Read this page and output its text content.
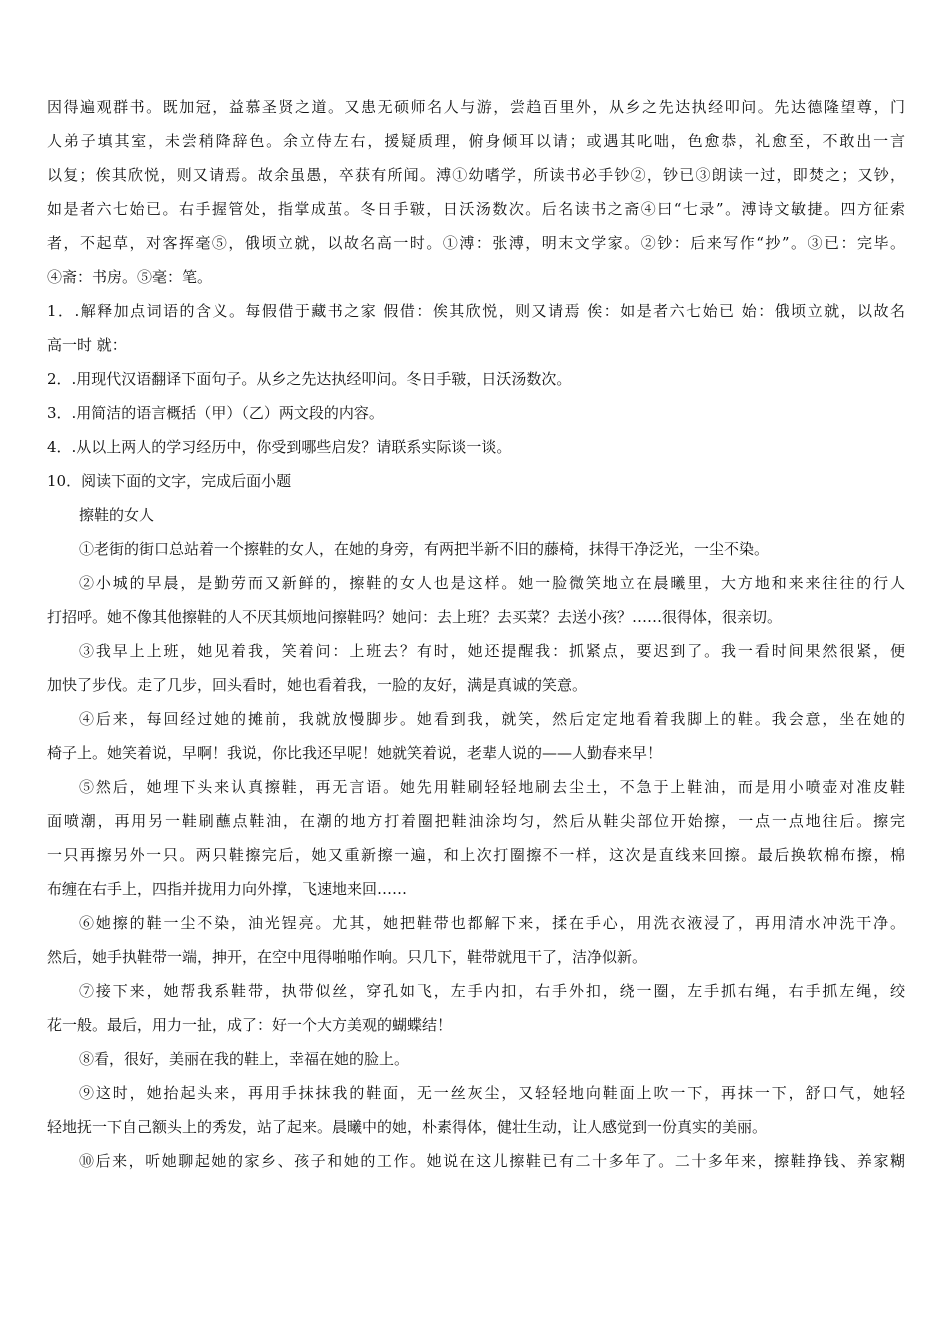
因得遍观群书。既加冠，益慕圣贤之道。又患无硕师名人与游，尝趋百里外，从乡之先达执经叩问。先达德隆望尊，门

人弟子填其室，未尝稍降辞色。余立侍左右，援疑质理，俯身倾耳以请；或遇其叱咄，色愈恭，礼愈至，不敢出一言

以复；俟其欣悦，则又请焉。故余虽愚，卒获有所闻。溥①幼嗜学，所读书必手钞②，钞已③朗读一过，即焚之；又钞，

如是者六七始已。右手握管处，指掌成茧。冬日手皲，日沃汤数次。后名读书之斋④曰“七录”。溥诗文敏捷。四方征索

者，不起草，对客挥毫⑤，俄顷立就，以故名高一时。①溥：张溥，明末文学家。②钞：后来写作“抄”。③已：完毕。

④斋：书房。⑤毫：笔。

1．.解释加点词语的含义。每假借于藏书之家 假借：俟其欣悦，则又请焉 俟：如是者六七始已 始：俄顷立就，以故名

高一时 就：

2．.用现代汉语翻译下面句子。从乡之先达执经叩问。冬日手皲，日沃汤数次。

3．.用简洁的语言概括（甲）（乙）两文段的内容。

4．.从以上两人的学习经历中，你受到哪些启发？请联系实际谈一谈。

10．阅读下面的文字，完成后面小题

擦鞋的女人

①老街的街口总站着一个擦鞋的女人，在她的身旁，有两把半新不旧的藤椅，抹得干净泛光，一尘不染。

②小城的早晨，是勤劳而又新鲜的，擦鞋的女人也是这样。她一脸微笑地立在晨曦里，大方地和来来往往的行人

打招呼。她不像其他擦鞋的人不厌其烦地问擦鞋吗？她问：去上班？去买菜？去送小孩？……很得体，很亲切。

③我早上上班，她见着我，笑着问：上班去？有时，她还提醒我：抓紧点，要迟到了。我一看时间果然很紧，便

加快了步伐。走了几步，回头看时，她也看着我，一脸的友好，满是真诚的笑意。

④后来，每回经过她的摊前，我就放慢脚步。她看到我，就笑，然后定定地看着我脚上的鞋。我会意，坐在她的

椅子上。她笑着说，早啊！我说，你比我还早呢！她就笑着说，老辈人说的——人勤春来早！

⑤然后，她埋下头来认真擦鞋，再无言语。她先用鞋刷轻轻地刷去尘土，不急于上鞋油，而是用小喷壶对准皮鞋

面喷潮，再用另一鞋刷蘸点鞋油，在潮的地方打着圈把鞋油涂均匀，然后从鞋尖部位开始擦，一点一点地往后。擦完

一只再擦另外一只。两只鞋擦完后，她又重新擦一遍，和上次打圈擦不一样，这次是直线来回擦。最后换软棉布擦，棉

布缠在右手上，四指并拢用力向外撑，飞速地来回……

⑥她擦的鞋一尘不染，油光锃亮。尤其，她把鞋带也都解下来，揉在手心，用洗衣液浸了，再用清水冲洗干净。

然后，她手执鞋带一端，抻开，在空中甩得啪啪作响。只几下，鞋带就甩干了，洁净似新。

⑦接下来，她帮我系鞋带，执带似丝，穿孔如飞，左手内扣，右手外扣，绕一圈，左手抓右绳，右手抓左绳，绞

花一般。最后，用力一扯，成了：好一个大方美观的蝴蝶结！

⑧看，很好，美丽在我的鞋上，幸福在她的脸上。

⑨这时，她抬起头来，再用手抹抹我的鞋面，无一丝灰尘，又轻轻地向鞋面上吹一下，再抹一下，舒口气，她轻

轻地抚一下自己额头上的秀发，站了起来。晨曦中的她，朴素得体，健壮生动，让人感觉到一份真实的美丽。

⑩后来，听她聊起她的家乡、孩子和她的工作。她说在这儿擦鞋已有二十多年了。二十多年来，擦鞋挣钱、养家糊
